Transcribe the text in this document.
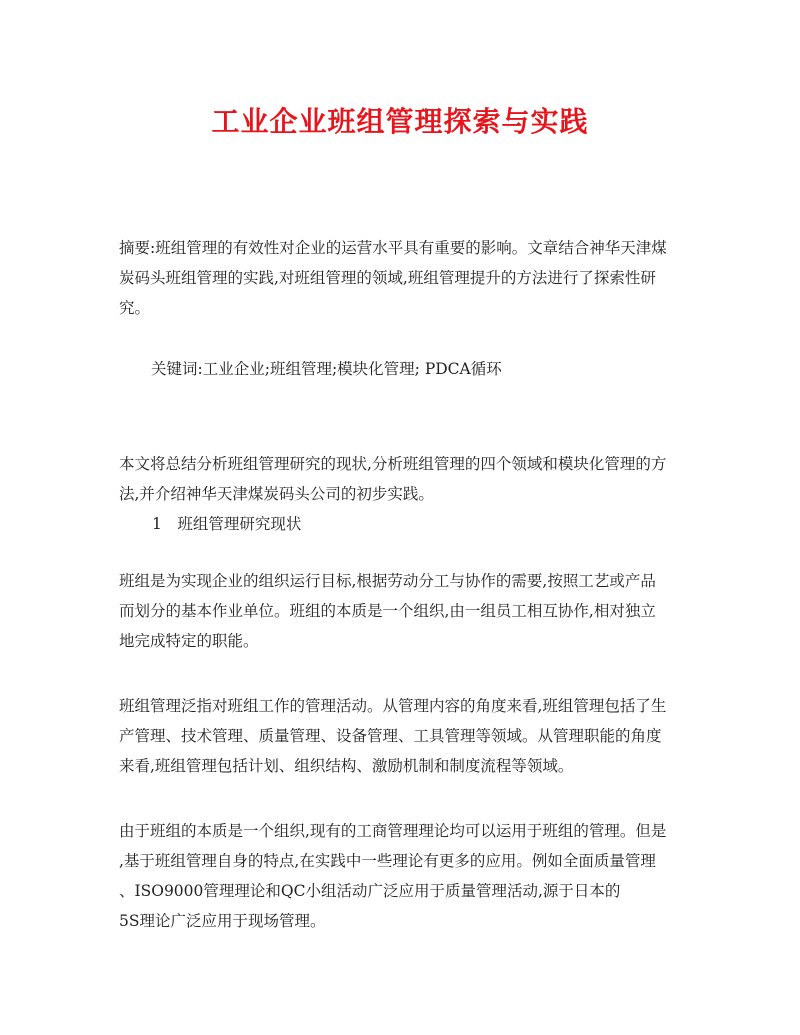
工业企业班组管理探索与实践
摘要:班组管理的有效性对企业的运营水平具有重要的影响。文章结合神华天津煤
炭码头班组管理的实践,对班组管理的领域,班组管理提升的方法进行了探索性研
究。
关键词:工业企业;班组管理;模块化管理; PDCA循环
本文将总结分析班组管理研究的现状,分析班组管理的四个领域和模块化管理的方
法,并介绍神华天津煤炭码头公司的初步实践。
1　班组管理研究现状
班组是为实现企业的组织运行目标,根据劳动分工与协作的需要,按照工艺或产品
而划分的基本作业单位。班组的本质是一个组织,由一组员工相互协作,相对独立
地完成特定的职能。
班组管理泛指对班组工作的管理活动。从管理内容的角度来看,班组管理包括了生
产管理、技术管理、质量管理、设备管理、工具管理等领域。从管理职能的角度
来看,班组管理包括计划、组织结构、激励机制和制度流程等领域。
由于班组的本质是一个组织,现有的工商管理理论均可以运用于班组的管理。但是
,基于班组管理自身的特点,在实践中一些理论有更多的应用。例如全面质量管理
、ISO9000管理理论和QC小组活动广泛应用于质量管理活动,源于日本的
5S理论广泛应用于现场管理。
